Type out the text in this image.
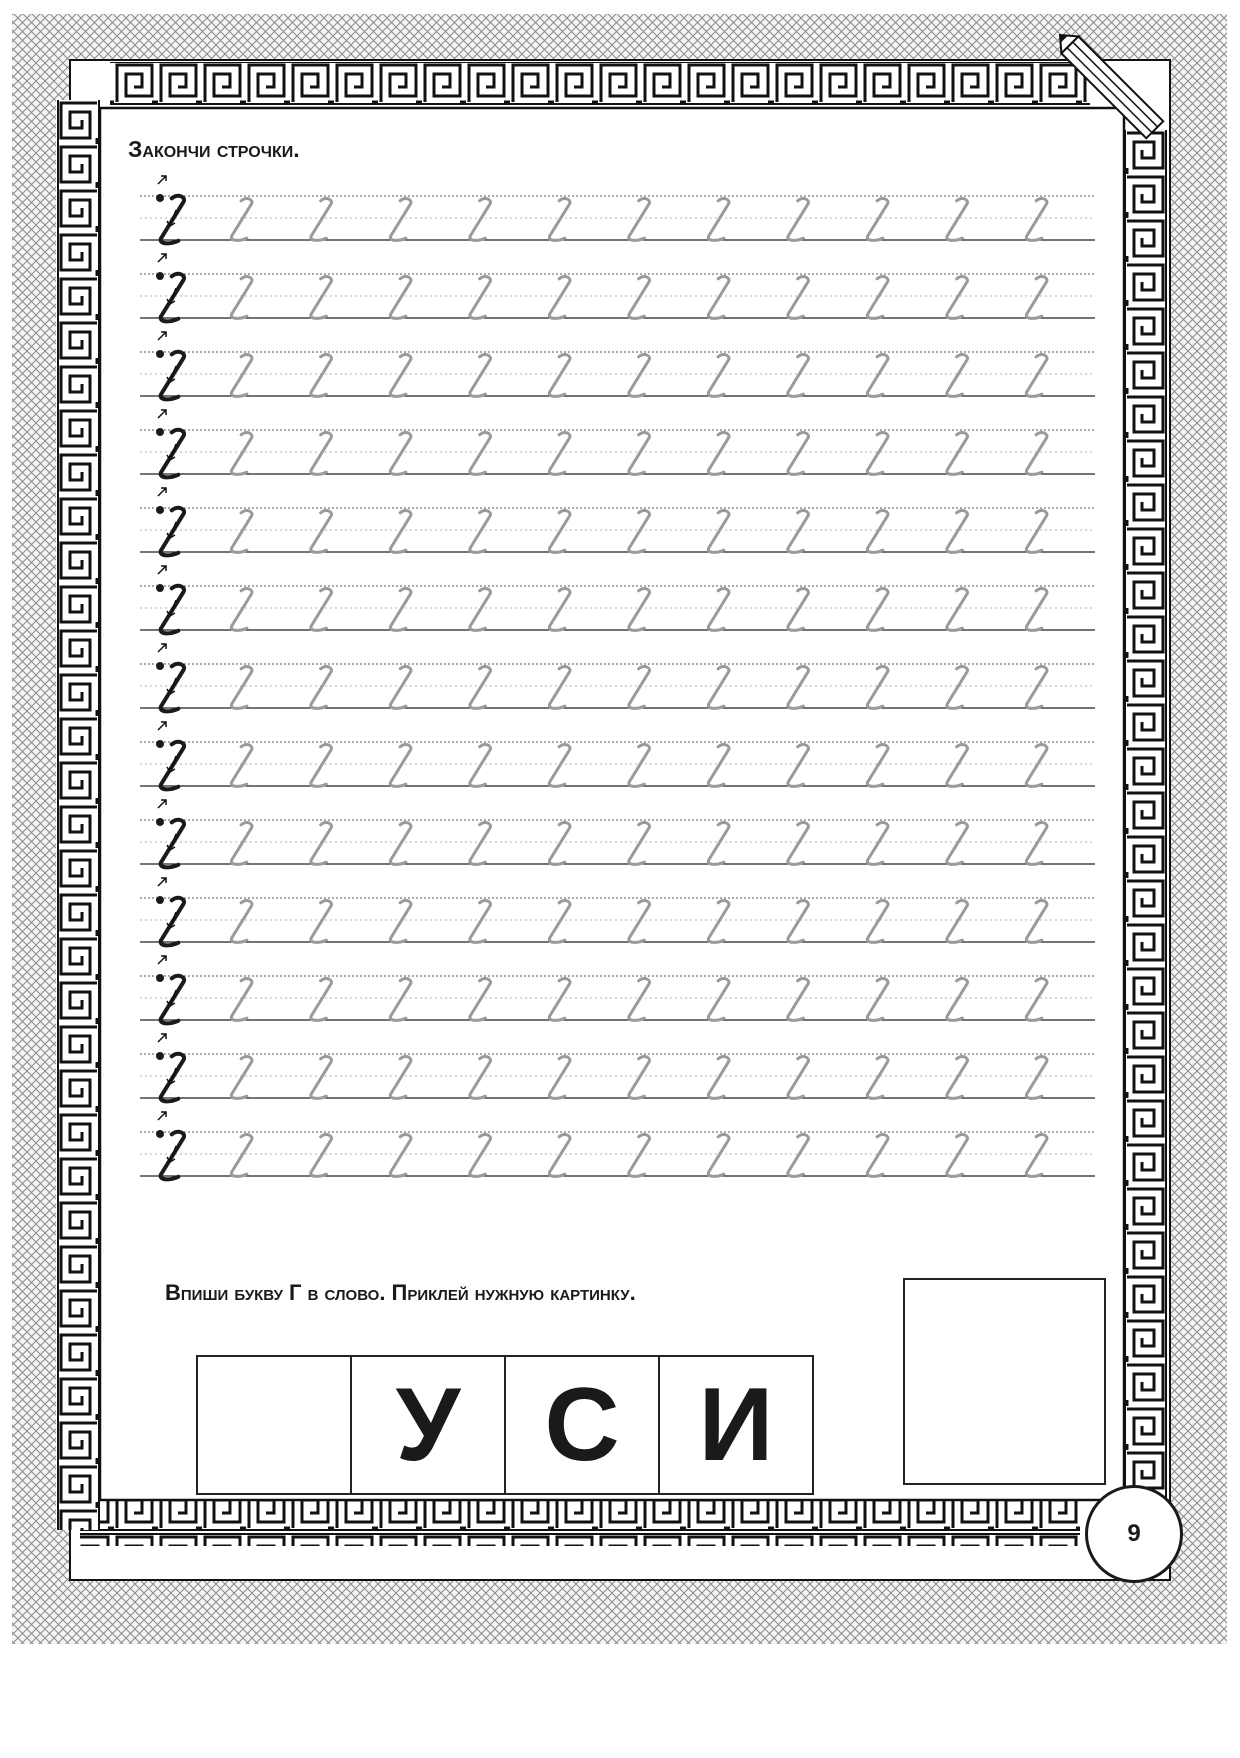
Закончи строчки.

Впиши букву Г в слово. Приклей нужную картинку.

У С И
9
